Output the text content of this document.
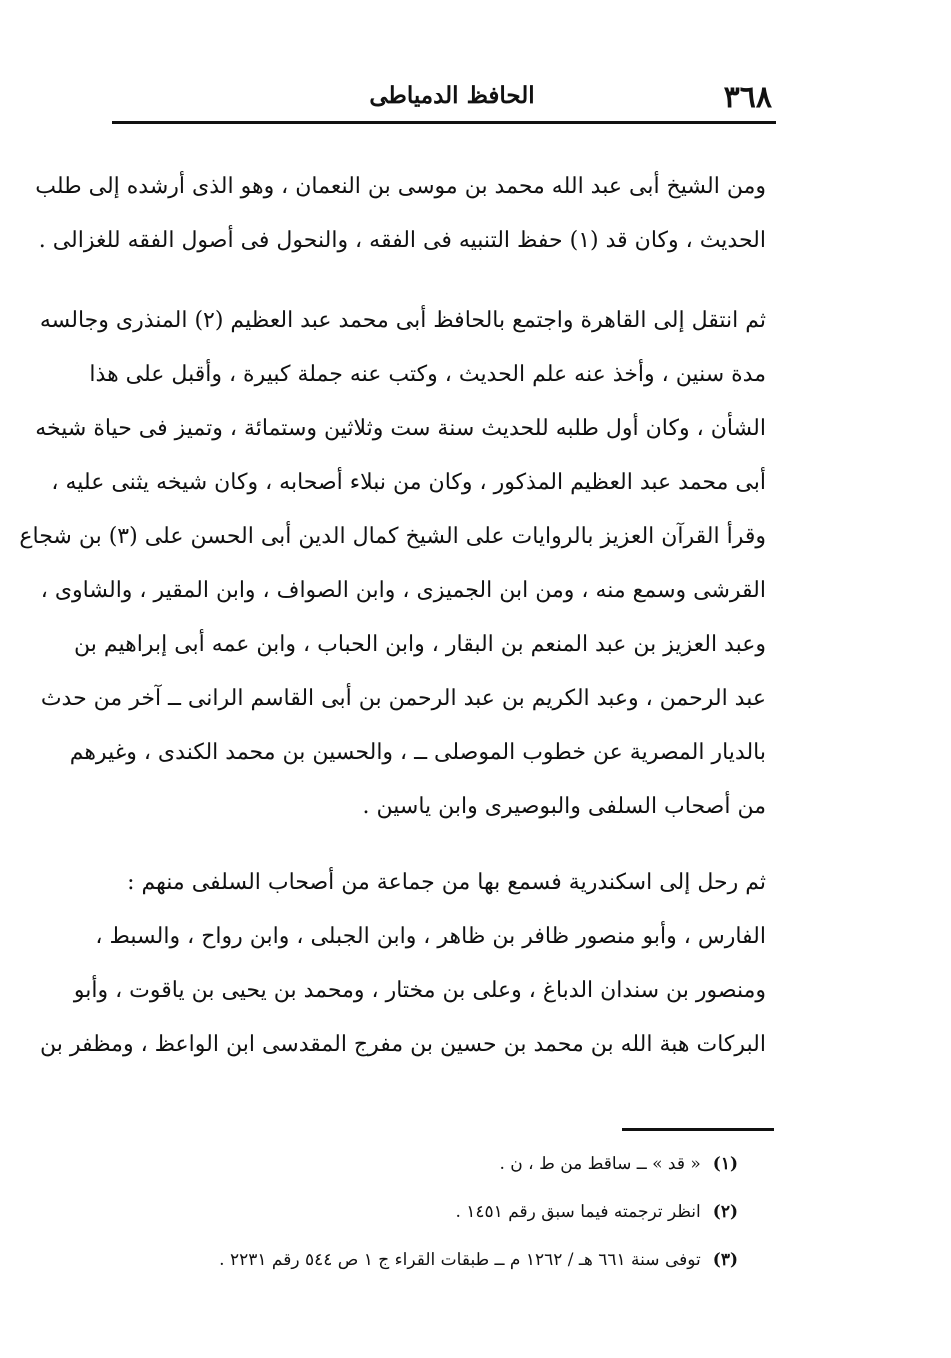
٣٦٨
الحافظ الدمياطى

ومن الشيخ أبى عبد الله محمد بن موسى بن النعمان ، وهو الذى أرشده إلى طلب
الحديث ، وكان قد (١) حفظ التنبيه فى الفقه ، والنحول فى أصول الفقه للغزالى .

ثم انتقل إلى القاهرة واجتمع بالحافظ أبى محمد عبد العظيم (٢) المنذرى وجالسه
مدة سنين ، وأخذ عنه علم الحديث ، وكتب عنه جملة كبيرة ، وأقبل على هذا
الشأن ، وكان أول طلبه للحديث سنة ست وثلاثين وستمائة ، وتميز فى حياة شيخه
أبى محمد عبد العظيم المذكور ، وكان من نبلاء أصحابه ، وكان شيخه يثنى عليه ،
وقرأ القرآن العزيز بالروايات على الشيخ كمال الدين أبى الحسن على (٣) بن شجاع
القرشى وسمع منه ، ومن ابن الجميزى ، وابن الصواف ، وابن المقير ، والشاوى ،
وعبد العزيز بن عبد المنعم بن البقار ، وابن الحباب ، وابن عمه أبى إبراهيم بن
عبد الرحمن ، وعبد الكريم بن عبد الرحمن بن أبى القاسم الرانى ــ آخر من حدث
بالديار المصرية عن خطوب الموصلى ــ ، والحسين بن محمد الكندى ، وغيرهم
من أصحاب السلفى والبوصيرى وابن ياسين .

ثم رحل إلى اسكندرية فسمع بها من جماعة من أصحاب السلفى منهم :
الفارس ، وأبو منصور ظافر بن ظاهر ، وابن الجبلى ، وابن رواح ، والسبط ،
ومنصور بن سندان الدباغ ، وعلى بن مختار ، ومحمد بن يحيى بن ياقوت ، وأبو
البركات هبة الله بن محمد بن حسين بن مفرج المقدسى ابن الواعظ ، ومظفر بن

(١)« قد » ــ ساقط من ط ، ن .
(٢)انظر ترجمته فيما سبق رقم ١٤٥١ .
(٣)توفى سنة ٦٦١ هـ / ١٢٦٢ م ــ طبقات القراء ج ١ ص ٥٤٤ رقم ٢٢٣١ .
